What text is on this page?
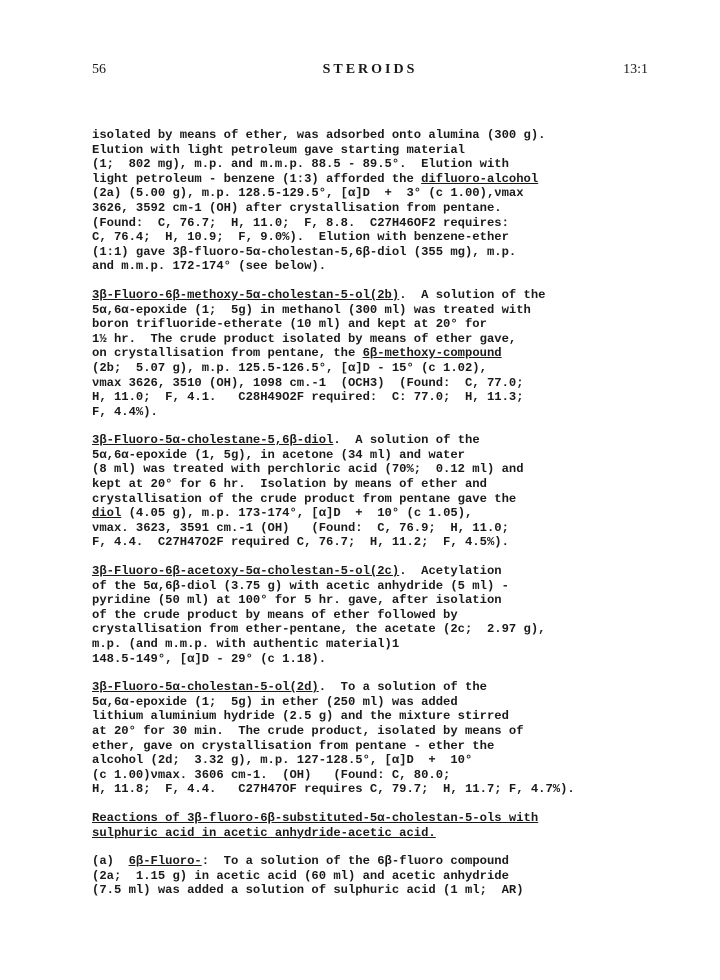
56	STEROIDS	13:1
isolated by means of ether, was adsorbed onto alumina (300 g).
Elution with light petroleum gave starting material
(1;  802 mg), m.p. and m.m.p. 88.5 - 89.5°.  Elution with
light petroleum - benzene (1:3) afforded the difluoro-alcohol
(2a) (5.00 g), m.p. 128.5-129.5°, [α]D  +  3° (c 1.00),νmax
3626, 3592 cm-1 (OH) after crystallisation from pentane.
(Found:  C, 76.7;  H, 11.0;  F, 8.8.  C27H46OF2 requires:
C, 76.4;  H, 10.9;  F, 9.0%).  Elution with benzene-ether
(1:1) gave 3β-fluoro-5α-cholestan-5,6β-diol (355 mg), m.p.
and m.m.p. 172-174° (see below).
3β-Fluoro-6β-methoxy-5α-cholestan-5-ol(2b).  A solution of the
5α,6α-epoxide (1;  5g) in methanol (300 ml) was treated with
boron trifluoride-etherate (10 ml) and kept at 20° for
1½ hr.  The crude product isolated by means of ether gave,
on crystallisation from pentane, the 6β-methoxy-compound
(2b;  5.07 g), m.p. 125.5-126.5°, [α]D - 15° (c 1.02),
νmax 3626, 3510 (OH), 1098 cm.-1  (OCH3)  (Found:  C, 77.0;
H, 11.0;  F, 4.1.   C28H49O2F required:  C: 77.0;  H, 11.3;
F, 4.4%).
3β-Fluoro-5α-cholestane-5,6β-diol.  A solution of the
5α,6α-epoxide (1, 5g), in acetone (34 ml) and water
(8 ml) was treated with perchloric acid (70%;  0.12 ml) and
kept at 20° for 6 hr.  Isolation by means of ether and
crystallisation of the crude product from pentane gave the
diol (4.05 g), m.p. 173-174°, [α]D  +  10° (c 1.05),
νmax. 3623, 3591 cm.-1 (OH)   (Found:  C, 76.9;  H, 11.0;
F, 4.4.  C27H47O2F required C, 76.7;  H, 11.2;  F, 4.5%).
3β-Fluoro-6β-acetoxy-5α-cholestan-5-ol(2c).  Acetylation
of the 5α,6β-diol (3.75 g) with acetic anhydride (5 ml) -
pyridine (50 ml) at 100° for 5 hr. gave, after isolation
of the crude product by means of ether followed by
crystallisation from ether-pentane, the acetate (2c;  2.97 g),
m.p. (and m.m.p. with authentic material)1
148.5-149°, [α]D - 29° (c 1.18).
3β-Fluoro-5α-cholestan-5-ol(2d).  To a solution of the
5α,6α-epoxide (1;  5g) in ether (250 ml) was added
lithium aluminium hydride (2.5 g) and the mixture stirred
at 20° for 30 min.  The crude product, isolated by means of
ether, gave on crystallisation from pentane - ether the
alcohol (2d;  3.32 g), m.p. 127-128.5°, [α]D  +  10°
(c 1.00)νmax. 3606 cm-1.  (OH)   (Found: C, 80.0;
H, 11.8;  F, 4.4.   C27H47OF requires C, 79.7;  H, 11.7; F, 4.7%).
Reactions of 3β-fluoro-6β-substituted-5α-cholestan-5-ols with
sulphuric acid in acetic anhydride-acetic acid.
(a)  6β-Fluoro-:  To a solution of the 6β-fluoro compound
(2a;  1.15 g) in acetic acid (60 ml) and acetic anhydride
(7.5 ml) was added a solution of sulphuric acid (1 ml;  AR)
